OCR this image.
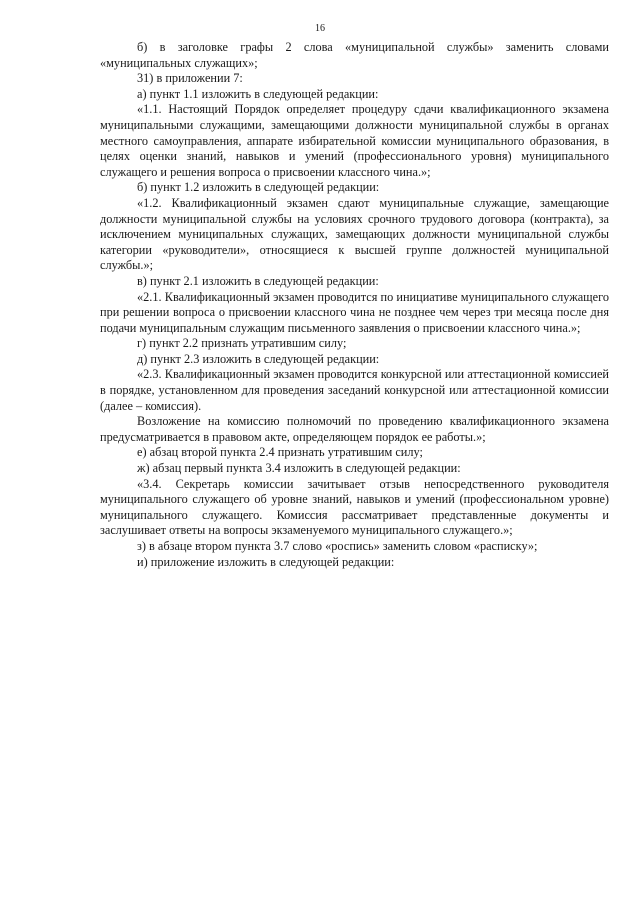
16

б) в заголовке графы 2 слова «муниципальной службы» заменить словами «муниципальных служащих»;

31) в приложении 7:

а) пункт 1.1 изложить в следующей редакции:

«1.1. Настоящий Порядок определяет процедуру сдачи квалификационного экзамена муниципальными служащими, замещающими должности муниципальной службы в органах местного самоуправления, аппарате избирательной комиссии муниципального образования, в целях оценки знаний, навыков и умений (профессионального уровня) муниципального служащего и решения вопроса о присвоении классного чина.»;

б) пункт 1.2 изложить в следующей редакции:

«1.2. Квалификационный экзамен сдают муниципальные служащие, замещающие должности муниципальной службы на условиях срочного трудового договора (контракта), за исключением муниципальных служащих, замещающих должности муниципальной службы категории «руководители», относящиеся к высшей группе должностей муниципальной службы.»;

в) пункт 2.1 изложить в следующей редакции:

«2.1. Квалификационный экзамен проводится по инициативе муниципального служащего при решении вопроса о присвоении классного чина не позднее чем через три месяца после дня подачи муниципальным служащим письменного заявления о присвоении классного чина.»;

г) пункт 2.2 признать утратившим силу;

д) пункт 2.3 изложить в следующей редакции:

«2.3. Квалификационный экзамен проводится конкурсной или аттестационной комиссией в порядке, установленном для проведения заседаний конкурсной или аттестационной комиссии (далее – комиссия).

Возложение на комиссию полномочий по проведению квалификационного экзамена предусматривается в правовом акте, определяющем порядок ее работы.»;

е) абзац второй пункта 2.4 признать утратившим силу;

ж) абзац первый пункта 3.4 изложить в следующей редакции:

«3.4. Секретарь комиссии зачитывает отзыв непосредственного руководителя муниципального служащего об уровне знаний, навыков и умений (профессиональном уровне) муниципального служащего. Комиссия рассматривает представленные документы и заслушивает ответы на вопросы экзаменуемого муниципального служащего.»;

з) в абзаце втором пункта 3.7 слово «роспись» заменить словом «расписку»;

и) приложение изложить в следующей редакции:
